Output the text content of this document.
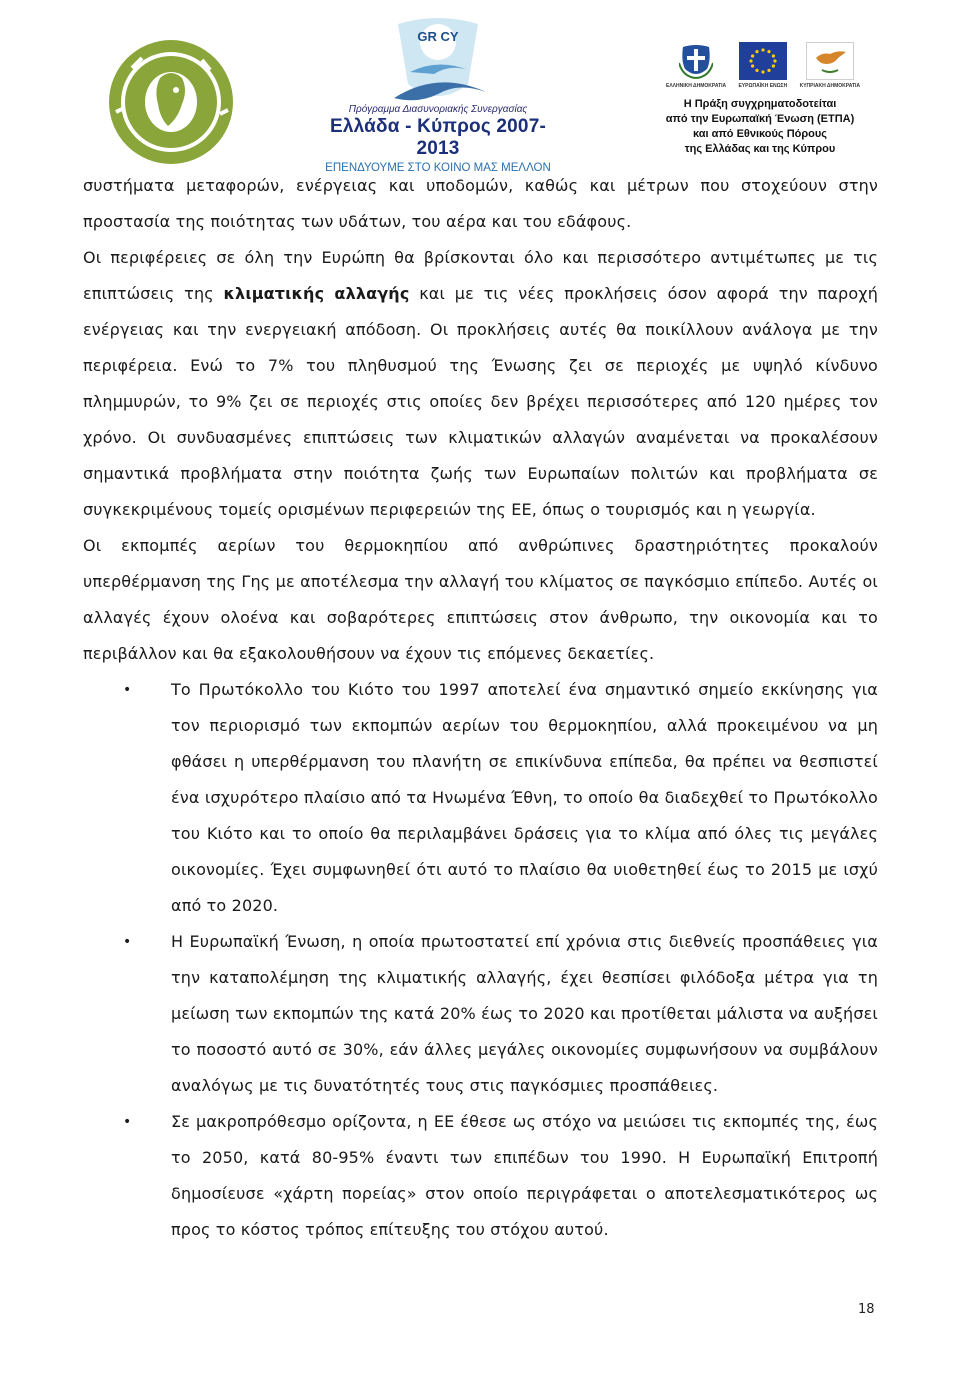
GR CY
Πρόγραμμα Διασυνοριακής Συνεργασίας
Ελλάδα - Κύπρος 2007-2013
ΕΠΕΝΔΥΟΥΜΕ ΣΤΟ ΚΟΙΝΟ ΜΑΣ ΜΕΛΛΟΝ
ΕΛΛΗΝΙΚΗ ΔΗΜΟΚΡΑΤΙΑ ΕΥΡΩΠΑΪΚΗ ΕΝΩΣΗ ΚΥΠΡΙΑΚΗ ΔΗΜΟΚΡΑΤΙΑ
Η Πράξη συγχρηματοδοτείται
από την Ευρωπαϊκή Ένωση (ΕΤΠΑ)
και από Εθνικούς Πόρους
της Ελλάδας και της Κύπρου

συστήματα μεταφορών, ενέργειας και υποδομών, καθώς και μέτρων που στοχεύουν στην προστασία της ποιότητας των υδάτων, του αέρα και του εδάφους.

Οι περιφέρειες σε όλη την Ευρώπη θα βρίσκονται όλο και περισσότερο αντιμέτωπες με τις επιπτώσεις της κλιματικής αλλαγής και με τις νέες προκλήσεις όσον αφορά την παροχή ενέργειας και την ενεργειακή απόδοση. Οι προκλήσεις αυτές θα ποικίλλουν ανάλογα με την περιφέρεια. Ενώ το 7% του πληθυσμού της Ένωσης ζει σε περιοχές με υψηλό κίνδυνο πλημμυρών, το 9% ζει σε περιοχές στις οποίες δεν βρέχει περισσότερες από 120 ημέρες τον χρόνο. Οι συνδυασμένες επιπτώσεις των κλιματικών αλλαγών αναμένεται να προκαλέσουν σημαντικά προβλήματα στην ποιότητα ζωής των Ευρωπαίων πολιτών και προβλήματα σε συγκεκριμένους τομείς ορισμένων περιφερειών της ΕΕ, όπως ο τουρισμός και η γεωργία.

Οι εκπομπές αερίων του θερμοκηπίου από ανθρώπινες δραστηριότητες προκαλούν υπερθέρμανση της Γης με αποτέλεσμα την αλλαγή του κλίματος σε παγκόσμιο επίπεδο. Αυτές οι αλλαγές έχουν ολοένα και σοβαρότερες επιπτώσεις στον άνθρωπο, την οικονομία και το περιβάλλον και θα εξακολουθήσουν να έχουν τις επόμενες δεκαετίες.

• Το Πρωτόκολλο του Κιότο του 1997 αποτελεί ένα σημαντικό σημείο εκκίνησης για τον περιορισμό των εκπομπών αερίων του θερμοκηπίου, αλλά προκειμένου να μη φθάσει η υπερθέρμανση του πλανήτη σε επικίνδυνα επίπεδα, θα πρέπει να θεσπιστεί ένα ισχυρότερο πλαίσιο από τα Ηνωμένα Έθνη, το οποίο θα διαδεχθεί το Πρωτόκολλο του Κιότο και το οποίο θα περιλαμβάνει δράσεις για το κλίμα από όλες τις μεγάλες οικονομίες. Έχει συμφωνηθεί ότι αυτό το πλαίσιο θα υιοθετηθεί έως το 2015 με ισχύ από το 2020.
• Η Ευρωπαϊκή Ένωση, η οποία πρωτοστατεί επί χρόνια στις διεθνείς προσπάθειες για την καταπολέμηση της κλιματικής αλλαγής, έχει θεσπίσει φιλόδοξα μέτρα για τη μείωση των εκπομπών της κατά 20% έως το 2020 και προτίθεται μάλιστα να αυξήσει το ποσοστό αυτό σε 30%, εάν άλλες μεγάλες οικονομίες συμφωνήσουν να συμβάλουν αναλόγως με τις δυνατότητές τους στις παγκόσμιες προσπάθειες.
• Σε μακροπρόθεσμο ορίζοντα, η ΕΕ έθεσε ως στόχο να μειώσει τις εκπομπές της, έως το 2050, κατά 80-95% έναντι των επιπέδων του 1990. Η Ευρωπαϊκή Επιτροπή δημοσίευσε «χάρτη πορείας» στον οποίο περιγράφεται ο αποτελεσματικότερος ως προς το κόστος τρόπος επίτευξης του στόχου αυτού.
18
